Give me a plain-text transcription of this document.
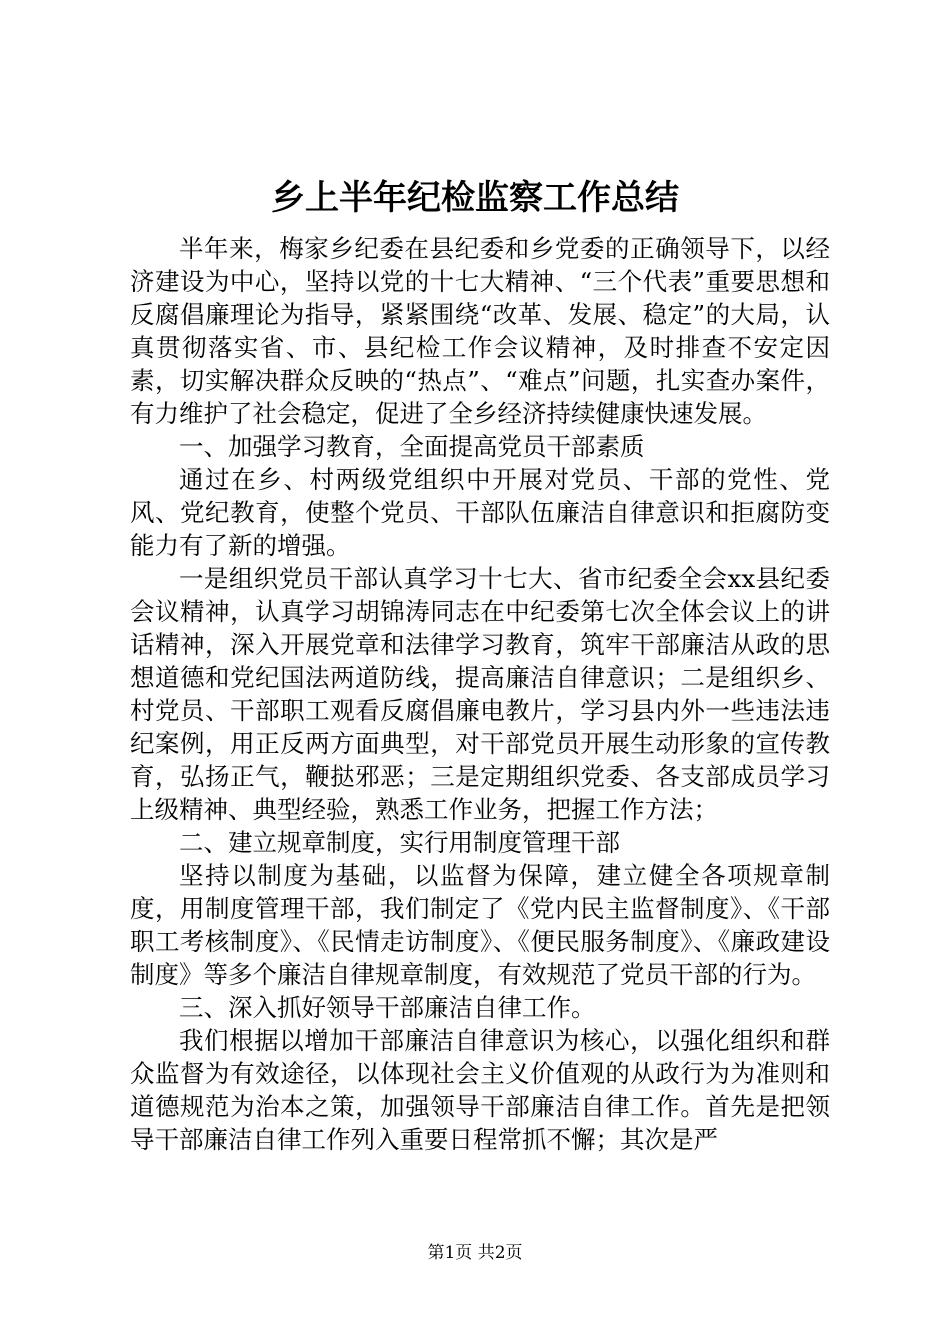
乡上半年纪检监察工作总结

半年来，梅家乡纪委在县纪委和乡党委的正确领导下，以经济建设为中心，坚持以党的十七大精神、“三个代表”重要思想和反腐倡廉理论为指导，紧紧围绕“改革、发展、稳定”的大局，认真贯彻落实省、市、县纪检工作会议精神，及时排查不安定因素，切实解决群众反映的“热点”、“难点”问题，扎实查办案件，有力维护了社会稳定，促进了全乡经济持续健康快速发展。

一、加强学习教育，全面提高党员干部素质

通过在乡、村两级党组织中开展对党员、干部的党性、党风、党纪教育，使整个党员、干部队伍廉洁自律意识和拒腐防变能力有了新的增强。

一是组织党员干部认真学习十七大、省市纪委全会xx县纪委会议精神，认真学习胡锦涛同志在中纪委第七次全体会议上的讲话精神，深入开展党章和法律学习教育，筑牢干部廉洁从政的思想道德和党纪国法两道防线，提高廉洁自律意识；二是组织乡、村党员、干部职工观看反腐倡廉电教片，学习县内外一些违法违纪案例，用正反两方面典型，对干部党员开展生动形象的宣传教育，弘扬正气，鞭挞邪恶；三是定期组织党委、各支部成员学习上级精神、典型经验，熟悉工作业务，把握工作方法；

二、建立规章制度，实行用制度管理干部

坚持以制度为基础，以监督为保障，建立健全各项规章制度，用制度管理干部，我们制定了《党内民主监督制度》、《干部职工考核制度》、《民情走访制度》、《便民服务制度》、《廉政建设制度》等多个廉洁自律规章制度，有效规范了党员干部的行为。

三、深入抓好领导干部廉洁自律工作。

我们根据以增加干部廉洁自律意识为核心，以强化组织和群众监督为有效途径，以体现社会主义价值观的从政行为为准则和道德规范为治本之策，加强领导干部廉洁自律工作。首先是把领导干部廉洁自律工作列入重要日程常抓不懈；其次是严

第1页 共2页
